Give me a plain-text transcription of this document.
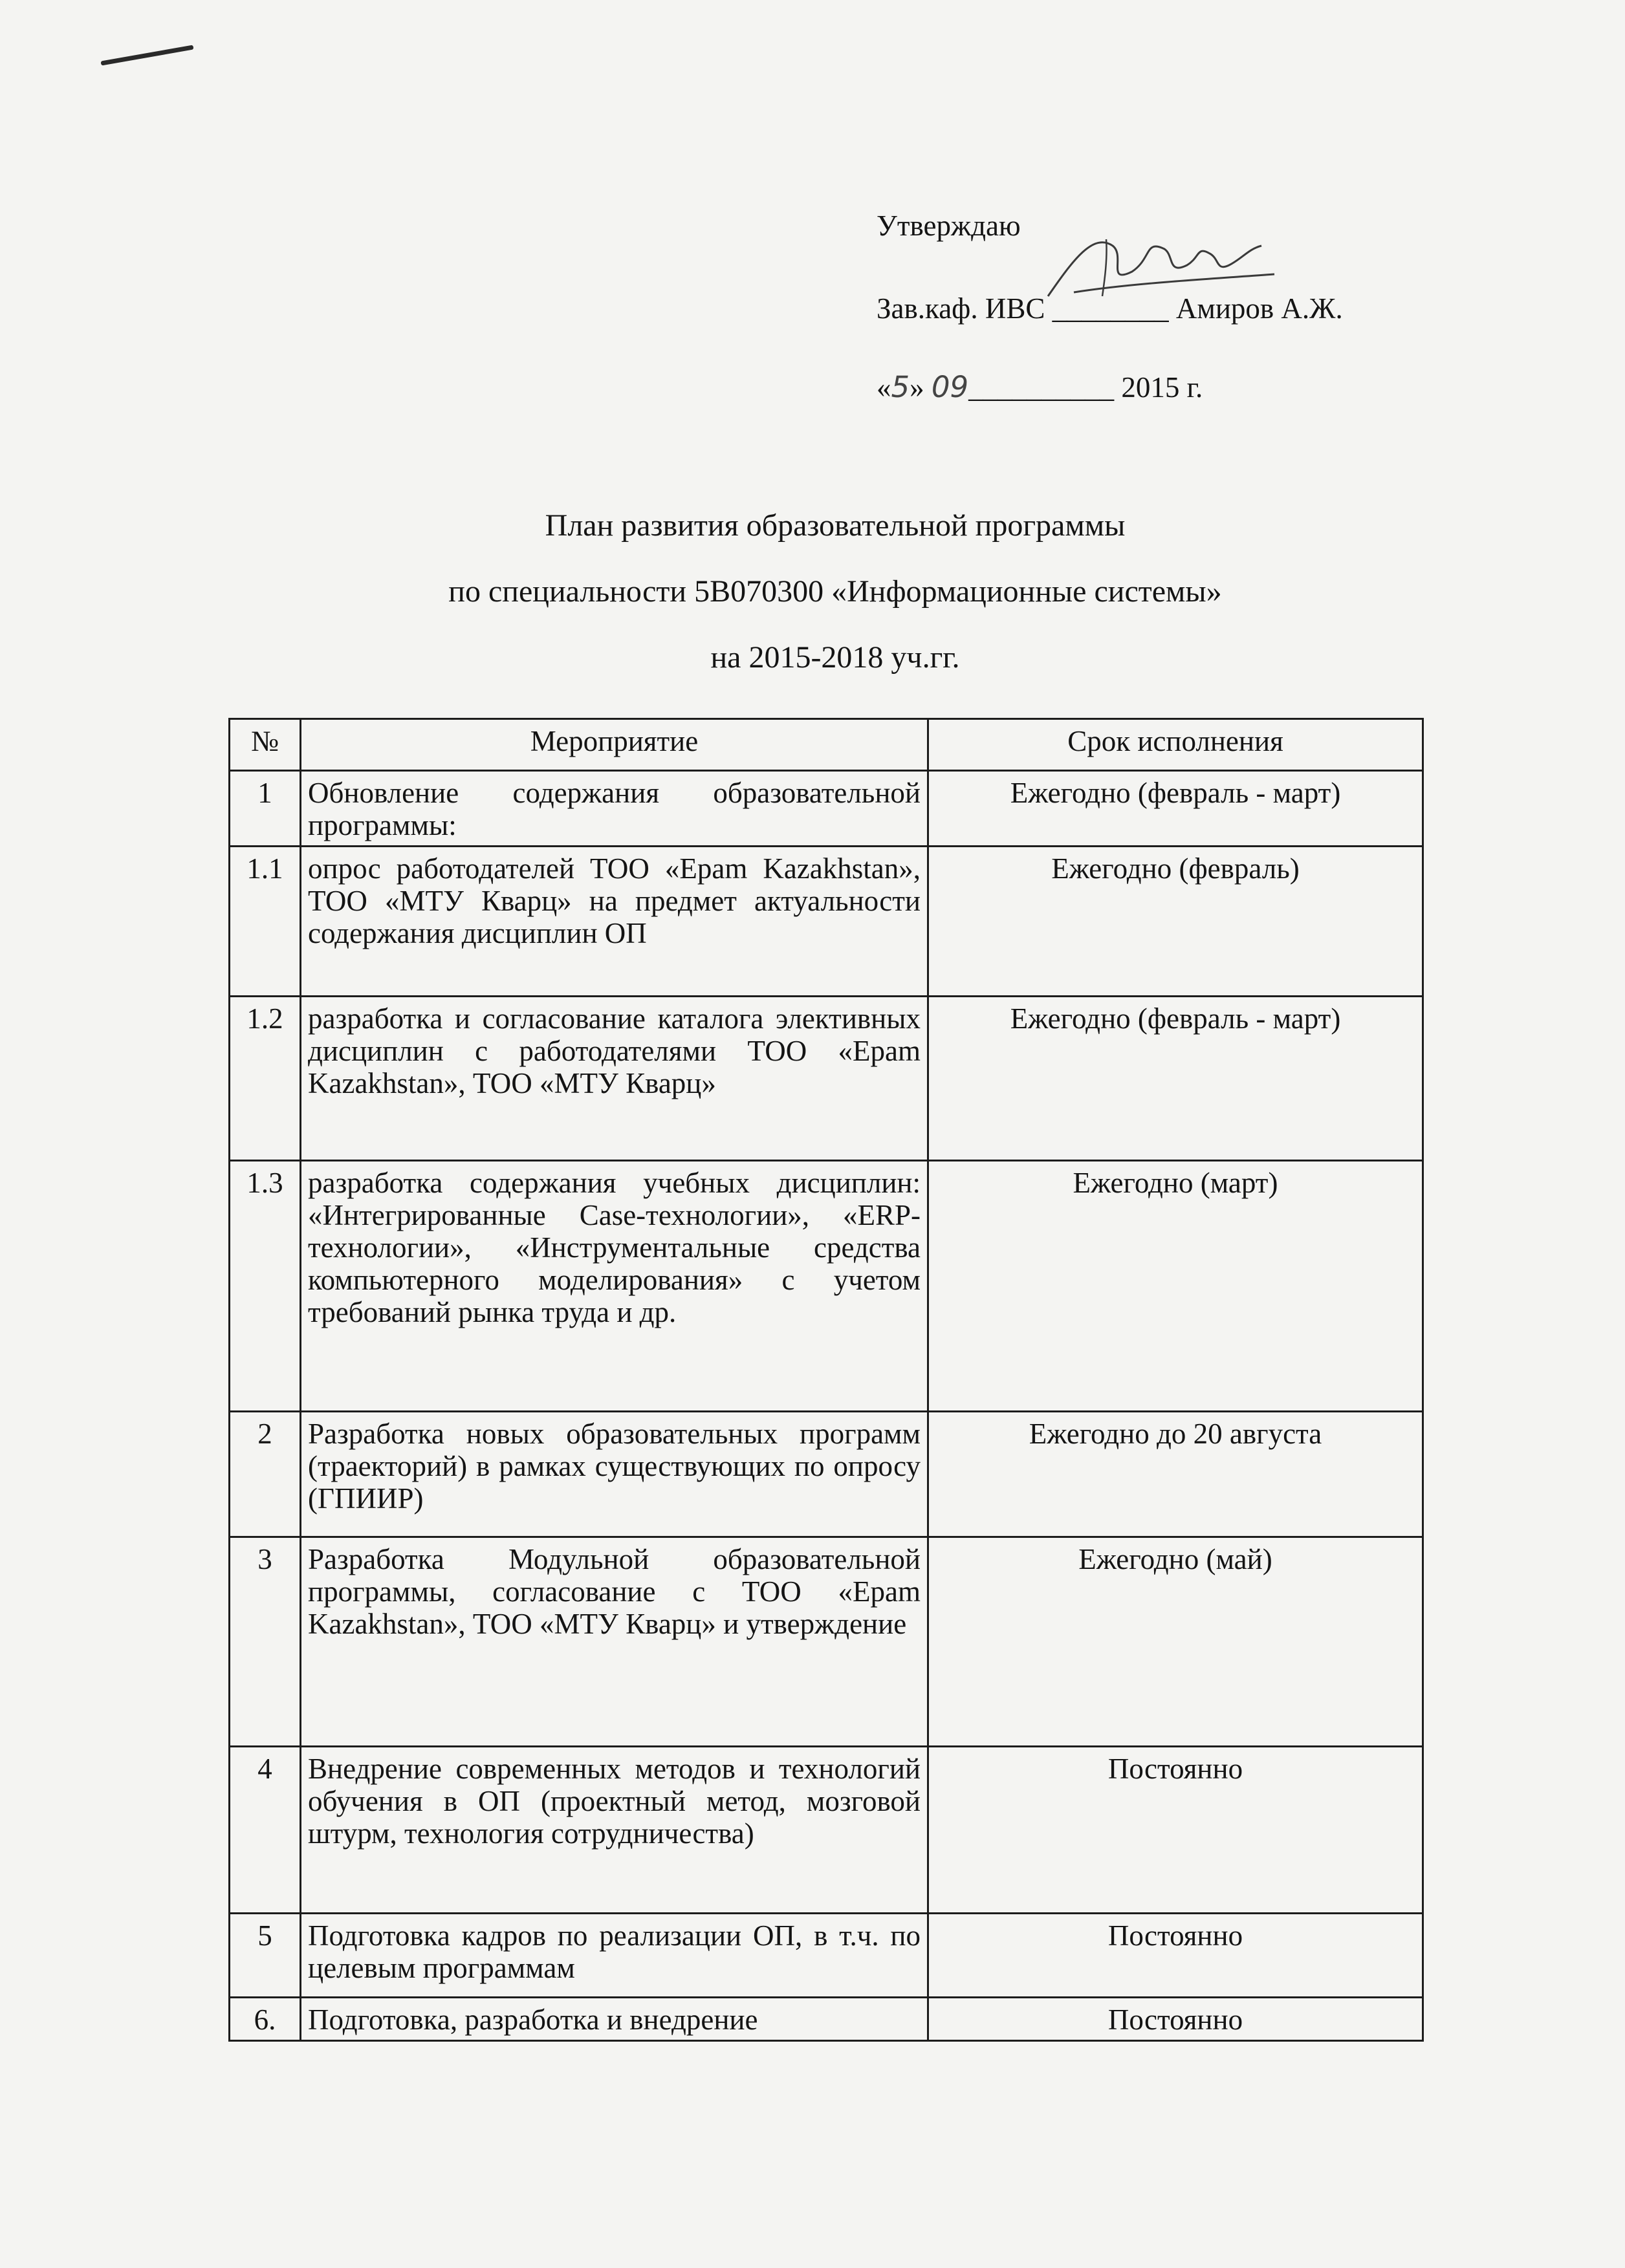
Утверждаю
Зав.каф. ИВС ________ Амиров А.Ж.
«5» 09__________ 2015 г.
План развития образовательной программы
по специальности 5В070300 «Информационные системы»
на 2015-2018 уч.гг.
№	Мероприятие	Срок исполнения
1	Обновление содержания образовательной программы:	Ежегодно (февраль - март)
1.1	опрос работодателей ТОО «Epam Kazakhstan», ТОО «МТУ Кварц» на предмет актуальности содержания дисциплин ОП	Ежегодно (февраль)
1.2	разработка и согласование каталога элективных дисциплин с работодателями ТОО «Epam Kazakhstan», ТОО «МТУ Кварц»	Ежегодно (февраль - март)
1.3	разработка содержания учебных дисциплин: «Интегрированные Case-технологии», «ERP-технологии», «Инструментальные средства компьютерного моделирования» с учетом требований рынка труда и др.	Ежегодно (март)
2	Разработка новых образовательных программ (траекторий) в рамках существующих по опросу (ГПИИР)	Ежегодно до 20 августа
3	Разработка Модульной образовательной программы, согласование с ТОО «Epam Kazakhstan», ТОО «МТУ Кварц» и утверждение	Ежегодно (май)
4	Внедрение современных методов и технологий обучения в ОП (проектный метод, мозговой штурм, технология сотрудничества)	Постоянно
5	Подготовка кадров по реализации ОП, в т.ч. по целевым программам	Постоянно
6.	Подготовка, разработка и внедрение	Постоянно
